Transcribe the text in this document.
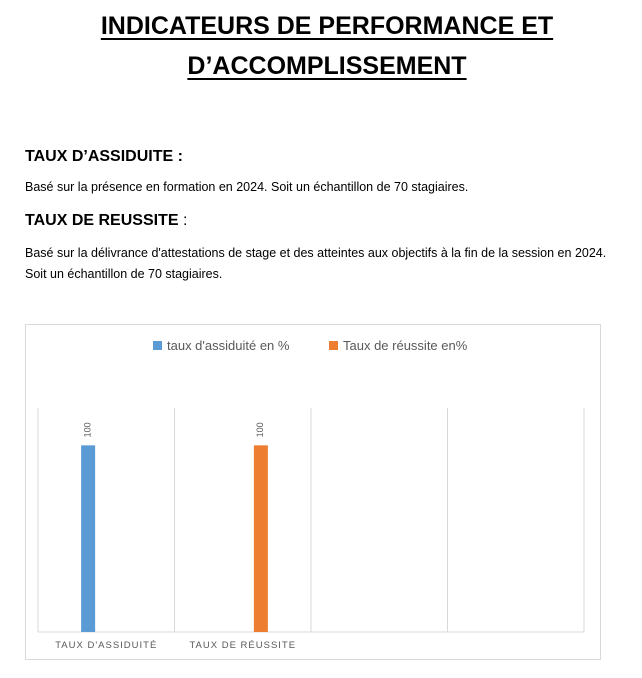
INDICATEURS DE PERFORMANCE ET
D’ACCOMPLISSEMENT
TAUX D’ASSIDUITE :
Basé sur la présence en formation en 2024. Soit un échantillon de 70 stagiaires.
TAUX DE REUSSITE :
Basé sur la délivrance d'attestations de stage et des atteintes aux objectifs à la fin de la session en 2024. Soit un échantillon de 70 stagiaires.
100	100
TAUX D'ASSIDUITÉ	TAUX DE RÉUSSITE
taux d'assiduité en %	Taux de réussite en%
